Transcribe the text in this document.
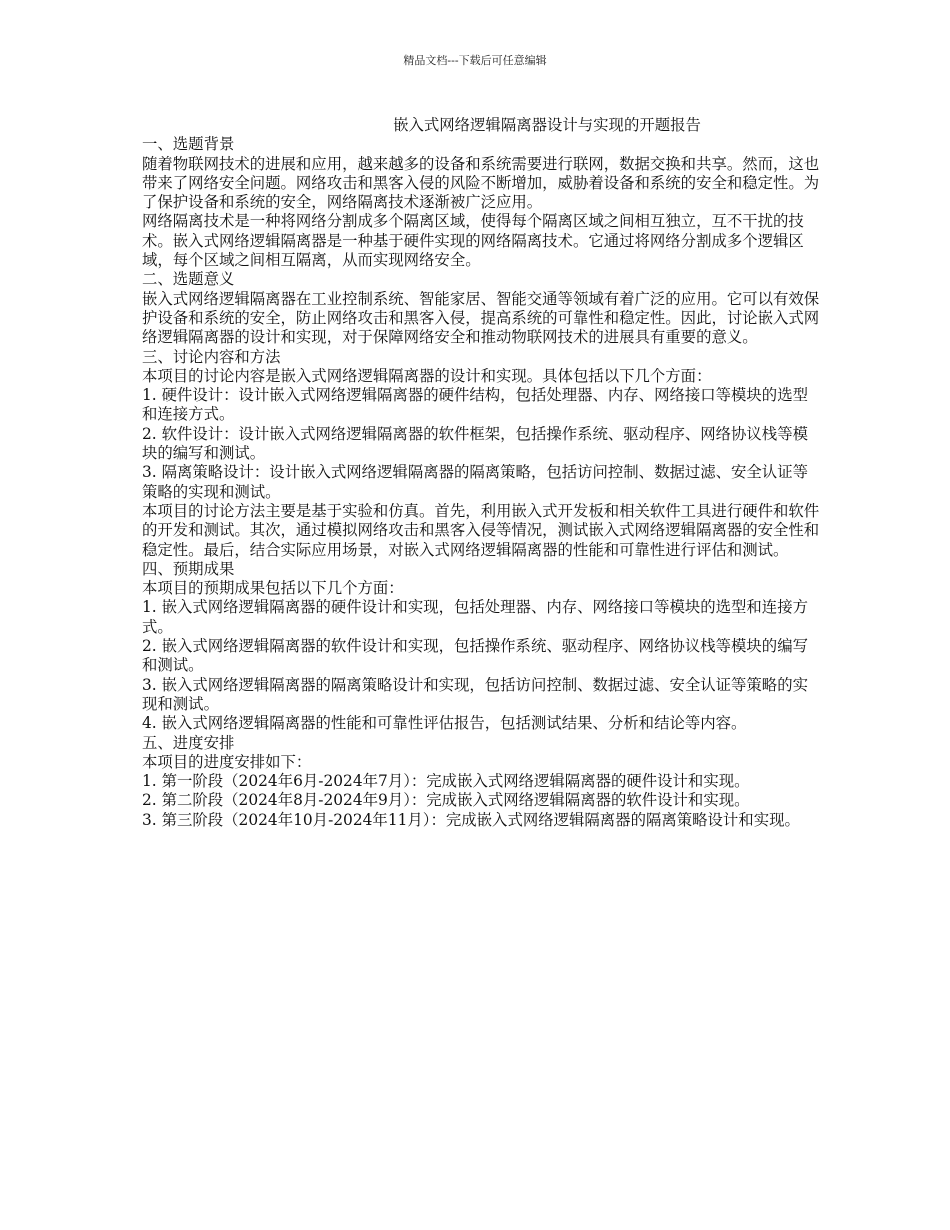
精品文档---下载后可任意编辑
嵌入式网络逻辑隔离器设计与实现的开题报告
一、选题背景

随着物联网技术的进展和应用，越来越多的设备和系统需要进行联网，数据交换和共享。然而，这也带来了网络安全问题。网络攻击和黑客入侵的风险不断增加，威胁着设备和系统的安全和稳定性。为了保护设备和系统的安全，网络隔离技术逐渐被广泛应用。

网络隔离技术是一种将网络分割成多个隔离区域，使得每个隔离区域之间相互独立，互不干扰的技术。嵌入式网络逻辑隔离器是一种基于硬件实现的网络隔离技术。它通过将网络分割成多个逻辑区域，每个区域之间相互隔离，从而实现网络安全。

二、选题意义

嵌入式网络逻辑隔离器在工业控制系统、智能家居、智能交通等领域有着广泛的应用。它可以有效保护设备和系统的安全，防止网络攻击和黑客入侵，提高系统的可靠性和稳定性。因此，讨论嵌入式网络逻辑隔离器的设计和实现，对于保障网络安全和推动物联网技术的进展具有重要的意义。

三、讨论内容和方法

本项目的讨论内容是嵌入式网络逻辑隔离器的设计和实现。具体包括以下几个方面：

1. 硬件设计：设计嵌入式网络逻辑隔离器的硬件结构，包括处理器、内存、网络接口等模块的选型和连接方式。

2. 软件设计：设计嵌入式网络逻辑隔离器的软件框架，包括操作系统、驱动程序、网络协议栈等模块的编写和测试。

3. 隔离策略设计：设计嵌入式网络逻辑隔离器的隔离策略，包括访问控制、数据过滤、安全认证等策略的实现和测试。

本项目的讨论方法主要是基于实验和仿真。首先，利用嵌入式开发板和相关软件工具进行硬件和软件的开发和测试。其次，通过模拟网络攻击和黑客入侵等情况，测试嵌入式网络逻辑隔离器的安全性和稳定性。最后，结合实际应用场景，对嵌入式网络逻辑隔离器的性能和可靠性进行评估和测试。

四、预期成果

本项目的预期成果包括以下几个方面：

1. 嵌入式网络逻辑隔离器的硬件设计和实现，包括处理器、内存、网络接口等模块的选型和连接方式。

2. 嵌入式网络逻辑隔离器的软件设计和实现，包括操作系统、驱动程序、网络协议栈等模块的编写和测试。

3. 嵌入式网络逻辑隔离器的隔离策略设计和实现，包括访问控制、数据过滤、安全认证等策略的实现和测试。

4. 嵌入式网络逻辑隔离器的性能和可靠性评估报告，包括测试结果、分析和结论等内容。

五、进度安排

本项目的进度安排如下：

1. 第一阶段（2024年6月-2024年7月）：完成嵌入式网络逻辑隔离器的硬件设计和实现。

2. 第二阶段（2024年8月-2024年9月）：完成嵌入式网络逻辑隔离器的软件设计和实现。

3. 第三阶段（2024年10月-2024年11月）：完成嵌入式网络逻辑隔离器的隔离策略设计和实现。
